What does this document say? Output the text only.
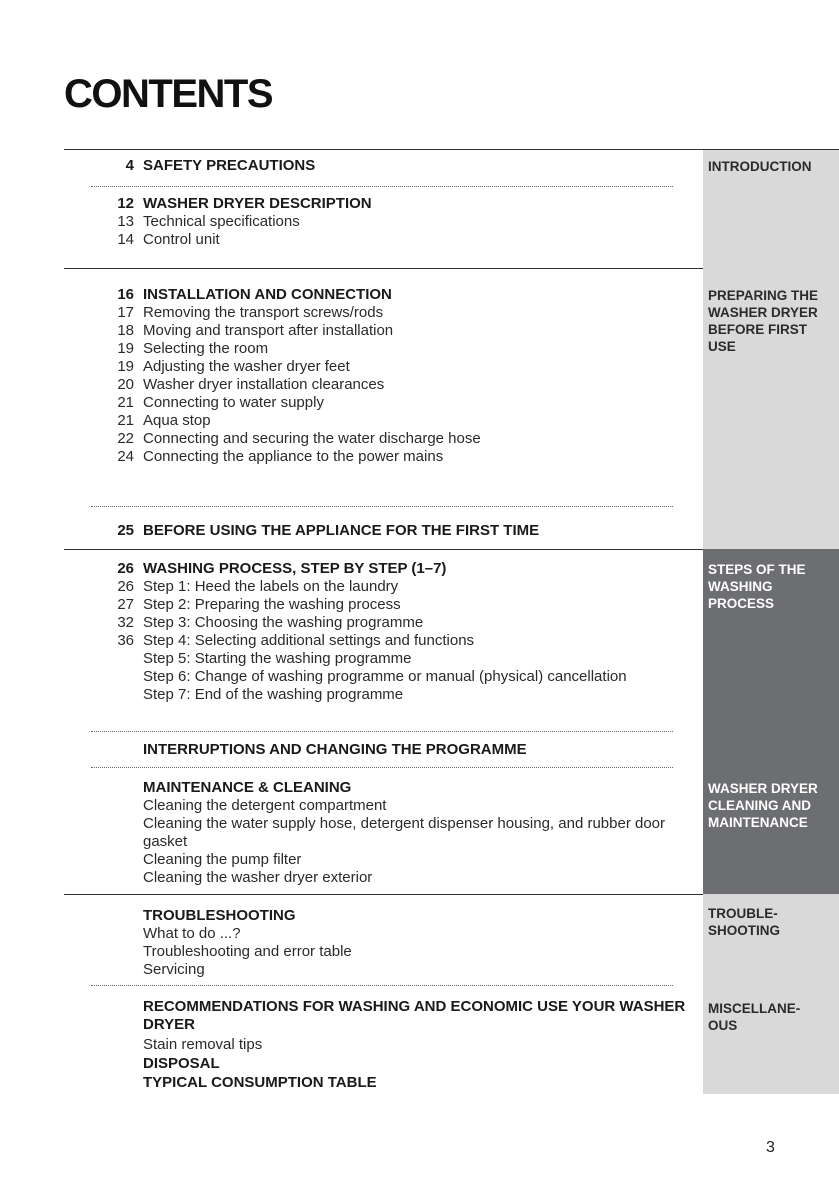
CONTENTS
INTRODUCTION
PREPARING THE WASHER DRYER BEFORE FIRST USE
STEPS OF THE WASHING PROCESS
WASHER DRYER CLEANING AND MAINTENANCE
TROUBLE-SHOOTING
MISCELLANE-OUS
4 SAFETY PRECAUTIONS
12 WASHER DRYER DESCRIPTION
13 Technical specifications
14 Control unit
16 INSTALLATION AND CONNECTION
17 Removing the transport screws/rods
18 Moving and transport after installation
19 Selecting the room
19 Adjusting the washer dryer feet
20 Washer dryer installation clearances
21 Connecting to water supply
21 Aqua stop
22 Connecting and securing the water discharge hose
24 Connecting the appliance to the power mains
25 BEFORE USING THE APPLIANCE FOR THE FIRST TIME
26 WASHING PROCESS, STEP BY STEP (1–7)
26 Step 1: Heed the labels on the laundry
27 Step 2: Preparing the washing process
32 Step 3: Choosing the washing programme
36 Step 4: Selecting additional settings and functions
Step 5: Starting the washing programme
Step 6: Change of washing programme or manual (physical) cancellation
Step 7: End of the washing programme
INTERRUPTIONS AND CHANGING THE PROGRAMME
MAINTENANCE & CLEANING
Cleaning the detergent compartment
Cleaning the water supply hose, detergent dispenser housing, and rubber door gasket
Cleaning the pump filter
Cleaning the washer dryer exterior
TROUBLESHOOTING
What to do ...?
Troubleshooting and error table
Servicing
RECOMMENDATIONS FOR WASHING AND ECONOMIC USE YOUR WASHER DRYER
Stain removal tips
DISPOSAL
TYPICAL CONSUMPTION TABLE
3
